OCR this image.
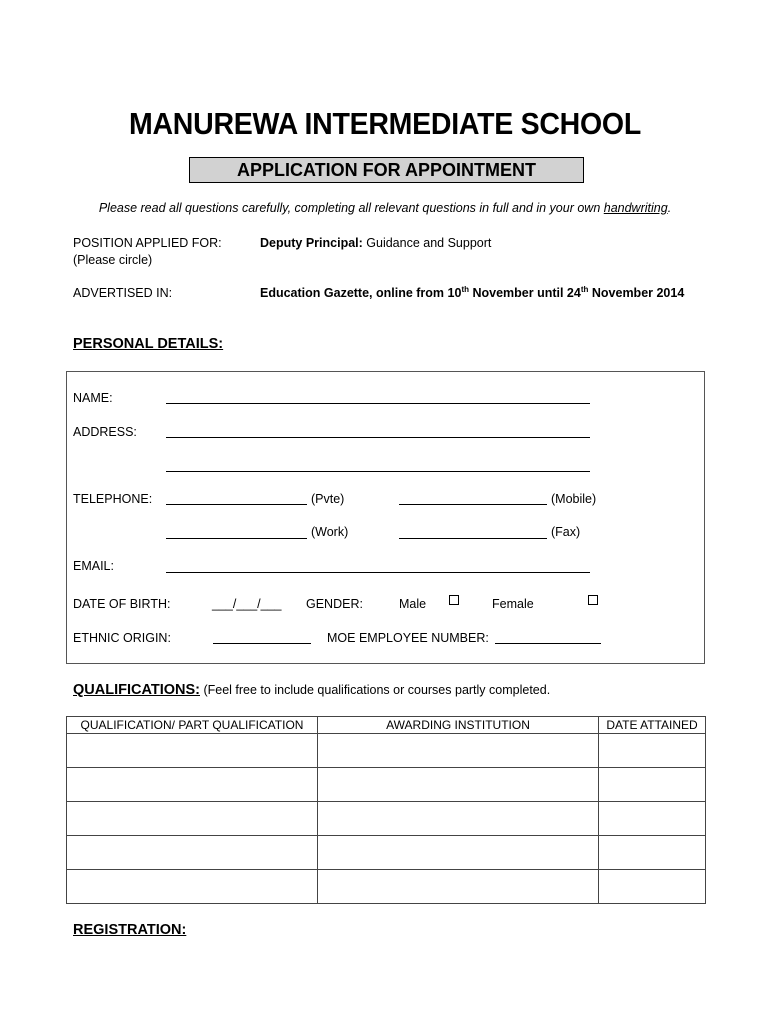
MANUREWA INTERMEDIATE SCHOOL
APPLICATION FOR APPOINTMENT
Please read all questions carefully, completing all relevant questions in full and in your own handwriting.
POSITION APPLIED FOR:
(Please circle)
Deputy Principal: Guidance and Support
ADVERTISED IN:	Education Gazette, online from 10th November until 24th November 2014
PERSONAL DETAILS:
NAME:
ADDRESS:
TELEPHONE:	(Pvte)	(Mobile)
(Work)	(Fax)
EMAIL:
DATE OF BIRTH:	___/___/___ GENDER:	Male	Female
ETHNIC ORIGIN:	MOE EMPLOYEE NUMBER:
QUALIFICATIONS: (Feel free to include qualifications or courses partly completed.
QUALIFICATION/ PART QUALIFICATION	AWARDING INSTITUTION	DATE ATTAINED

REGISTRATION:
